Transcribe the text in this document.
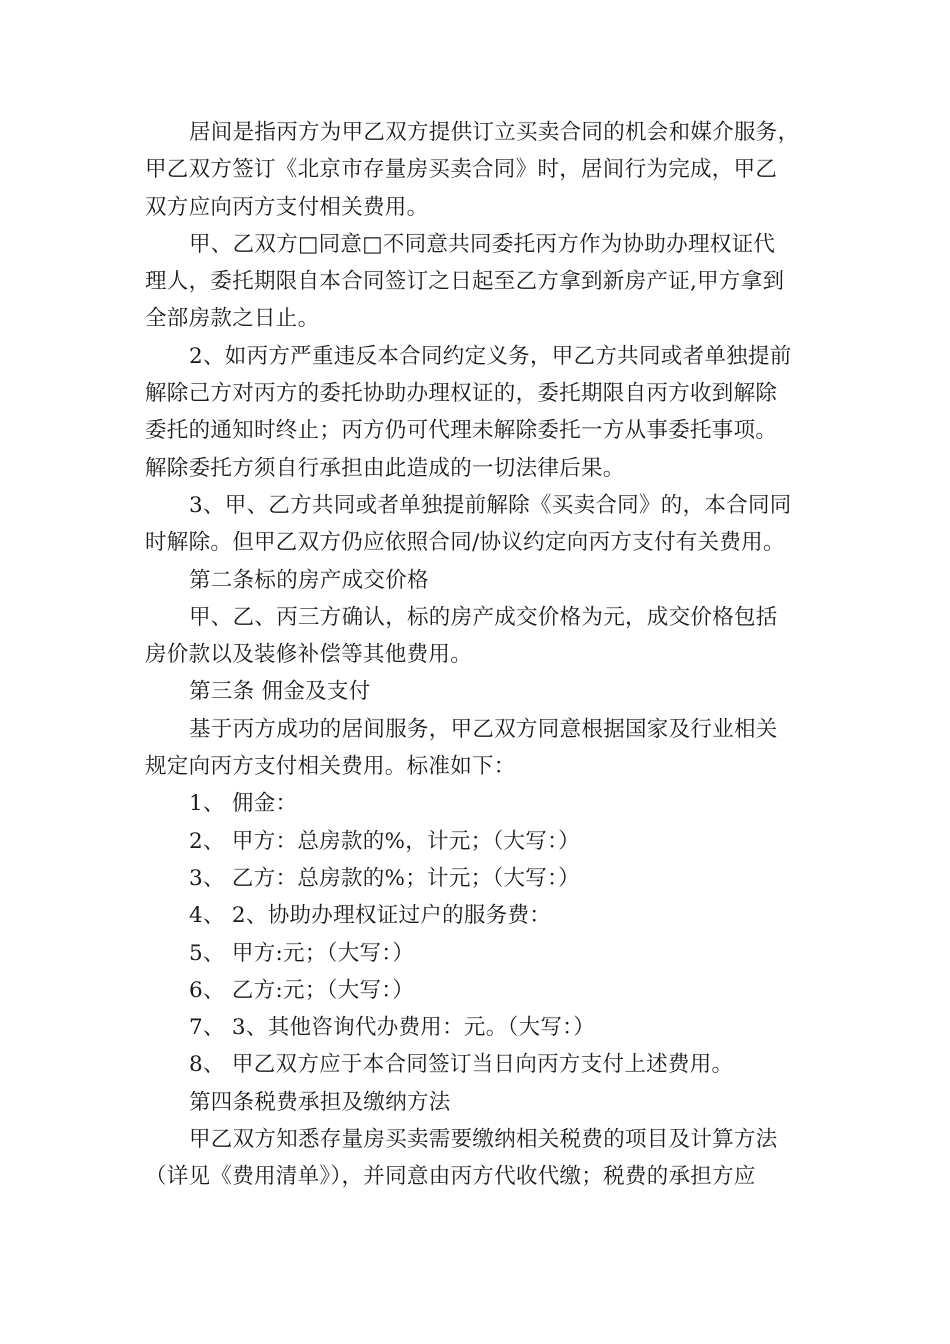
居间是指丙方为甲乙双方提供订立买卖合同的机会和媒介服务，
甲乙双方签订《北京市存量房买卖合同》时，居间行为完成，甲乙
双方应向丙方支付相关费用。
甲、乙双方□同意□不同意共同委托丙方作为协助办理权证代
理人，委托期限自本合同签订之日起至乙方拿到新房产证,甲方拿到
全部房款之日止。
2、如丙方严重违反本合同约定义务，甲乙方共同或者单独提前
解除己方对丙方的委托协助办理权证的，委托期限自丙方收到解除
委托的通知时终止；丙方仍可代理未解除委托一方从事委托事项。
解除委托方须自行承担由此造成的一切法律后果。
3、甲、乙方共同或者单独提前解除《买卖合同》的，本合同同
时解除。但甲乙双方仍应依照合同/协议约定向丙方支付有关费用。
第二条标的房产成交价格
甲、乙、丙三方确认，标的房产成交价格为元，成交价格包括
房价款以及装修补偿等其他费用。
第三条 佣金及支付
基于丙方成功的居间服务，甲乙双方同意根据国家及行业相关
规定向丙方支付相关费用。标准如下：
1、 佣金：
2、 甲方：总房款的%，计元；（大写：）
3、 乙方：总房款的%；计元；（大写：）
4、 2、协助办理权证过户的服务费：
5、 甲方:元；（大写：）
6、 乙方:元；（大写：）
7、 3、其他咨询代办费用：元。（大写：）
8、 甲乙双方应于本合同签订当日向丙方支付上述费用。
第四条税费承担及缴纳方法
甲乙双方知悉存量房买卖需要缴纳相关税费的项目及计算方法
（详见《费用清单》），并同意由丙方代收代缴；税费的承担方应
